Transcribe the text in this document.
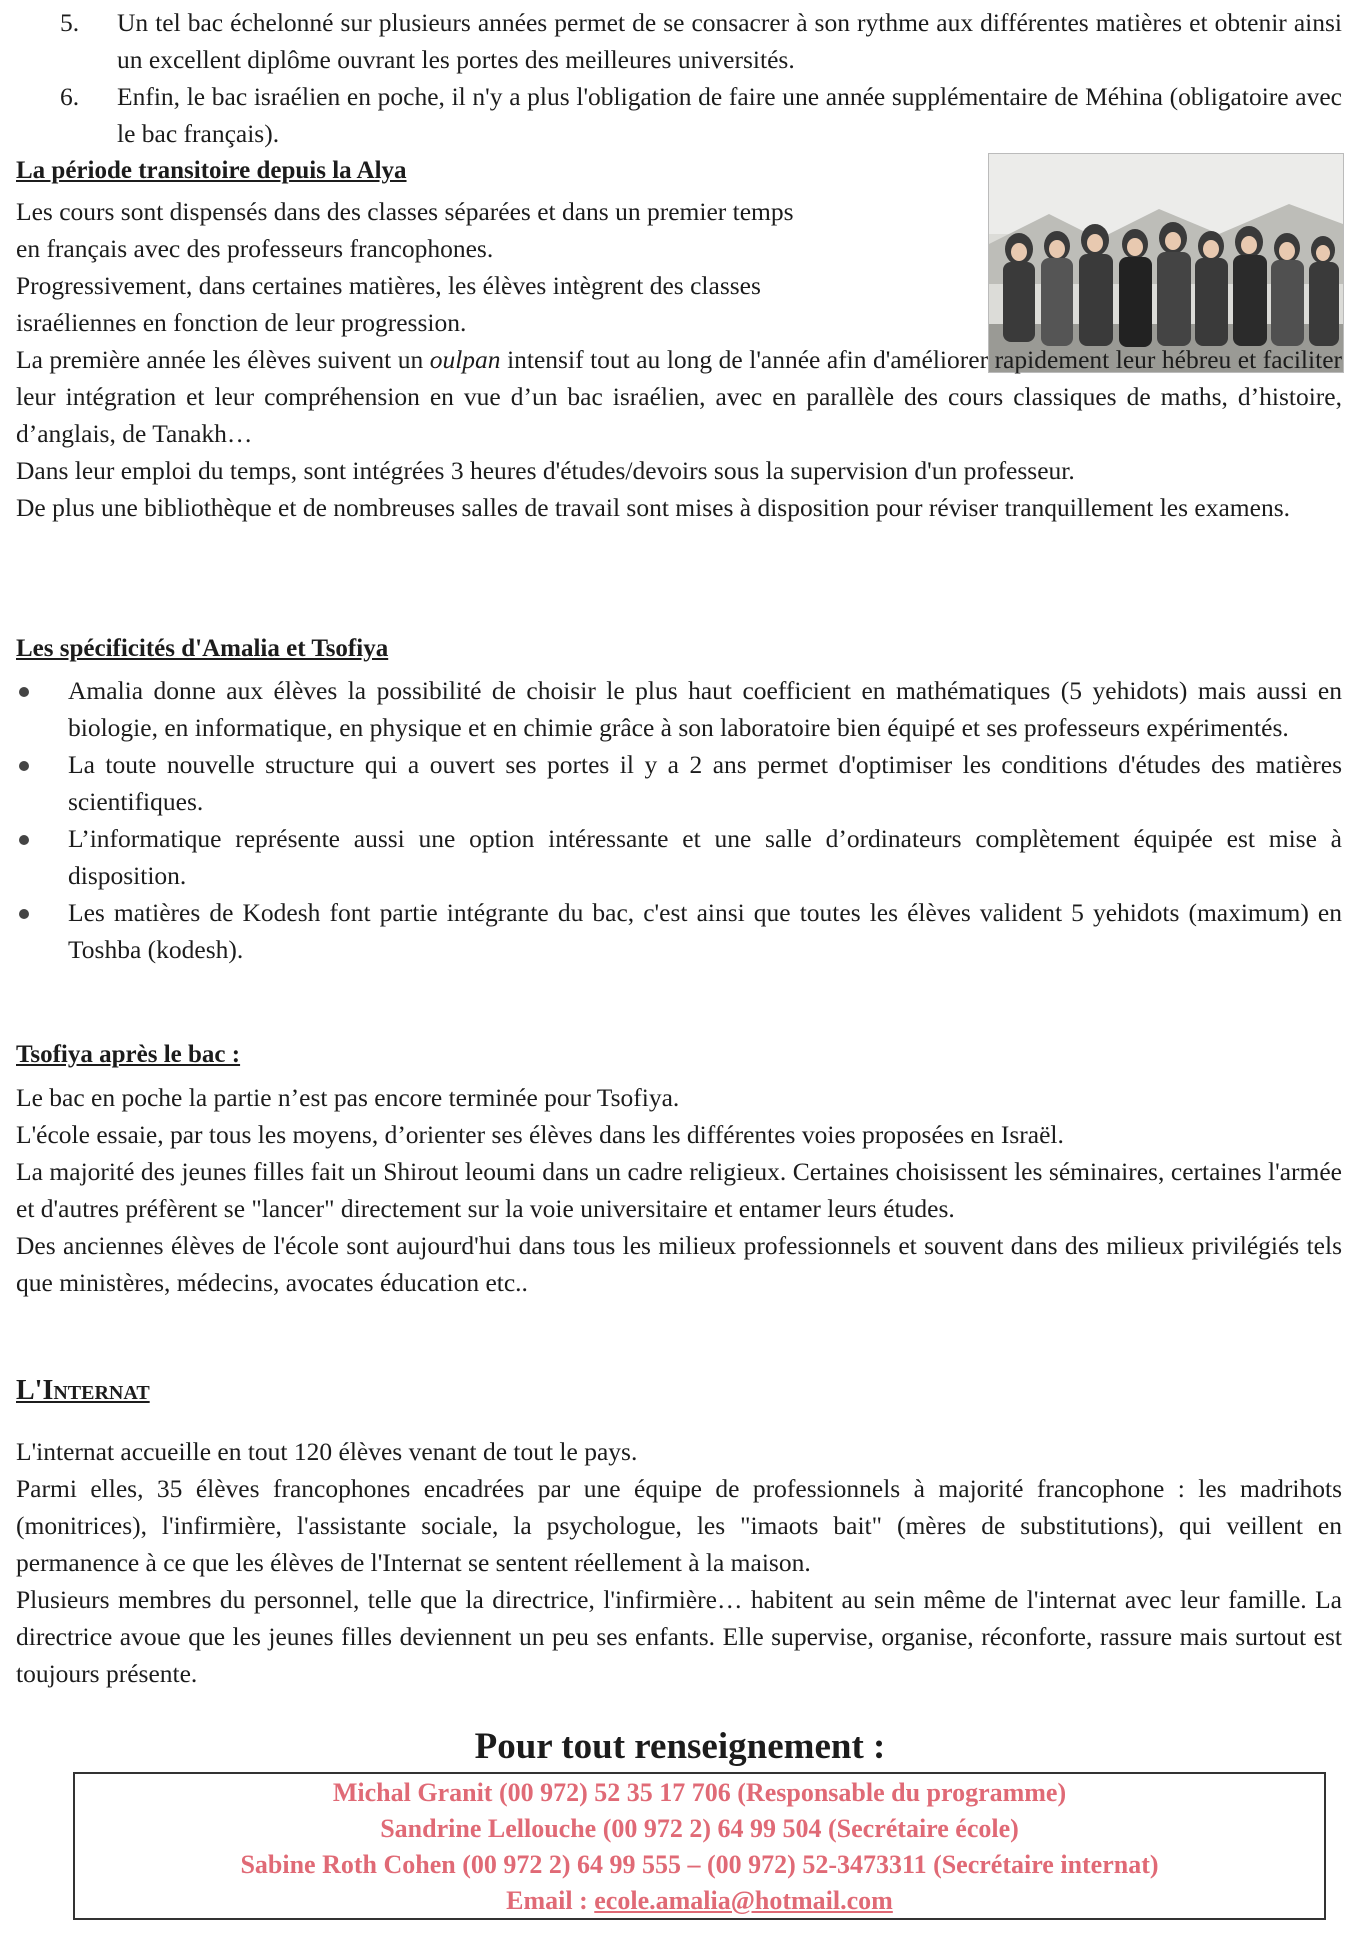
5. Un tel bac échelonné sur plusieurs années permet de se consacrer à son rythme aux différentes matières et obtenir ainsi un excellent diplôme ouvrant les portes des meilleures universités.
6. Enfin, le bac israélien en poche, il n'y a plus l'obligation de faire une année supplémentaire de Méhina (obligatoire avec le bac français).
La période transitoire depuis la Alya
Les cours sont dispensés dans des classes séparées et dans un premier temps
en français avec des professeurs francophones.
Progressivement, dans certaines matières, les élèves intègrent des classes
israéliennes en fonction de leur progression.

La première année les élèves suivent un oulpan intensif tout au long de l'année afin d'améliorer rapidement leur hébreu et faciliter leur intégration et leur compréhension en vue d’un bac israélien, avec en parallèle des cours classiques de maths, d’histoire, d’anglais, de Tanakh…

Dans leur emploi du temps, sont intégrées 3 heures d'études/devoirs sous la supervision d'un professeur.

De plus une bibliothèque et de nombreuses salles de travail sont mises à disposition pour réviser tranquillement les examens.

Les spécificités d'Amalia et Tsofiya
Amalia donne aux élèves la possibilité de choisir le plus haut coefficient en mathématiques (5 yehidots) mais aussi en biologie, en informatique, en physique et en chimie grâce à son laboratoire bien équipé et ses professeurs expérimentés.
La toute nouvelle structure qui a ouvert ses portes il y a 2 ans permet d'optimiser les conditions d'études des matières scientifiques.
L’informatique représente aussi une option intéressante et une salle d’ordinateurs complètement équipée est mise à disposition.
Les matières de Kodesh font partie intégrante du bac, c'est ainsi que toutes les élèves valident 5 yehidots (maximum) en Toshba (kodesh).
Tsofiya après le bac :

Le bac en poche la partie n’est pas encore terminée pour Tsofiya.

L'école essaie, par tous les moyens, d’orienter ses élèves dans les différentes voies proposées en Israël.

La majorité des jeunes filles fait un Shirout leoumi dans un cadre religieux. Certaines choisissent les séminaires, certaines l'armée et d'autres préfèrent se "lancer" directement sur la voie universitaire et entamer leurs études.

Des anciennes élèves de l'école sont aujourd'hui dans tous les milieux professionnels et souvent dans des milieux privilégiés tels que ministères, médecins, avocates éducation etc..

L'Internat

L'internat accueille en tout 120 élèves venant de tout le pays.

Parmi elles, 35 élèves francophones encadrées par une équipe de professionnels à majorité francophone : les madrihots (monitrices), l'infirmière, l'assistante sociale, la psychologue, les "imaots bait" (mères de substitutions), qui veillent en permanence à ce que les élèves de l'Internat se sentent réellement à la maison.

Plusieurs membres du personnel, telle que la directrice, l'infirmière… habitent au sein même de l'internat avec leur famille. La directrice avoue que les jeunes filles deviennent un peu ses enfants. Elle supervise, organise, réconforte, rassure mais surtout est toujours présente.

Pour tout renseignement :
Michal Granit (00 972) 52 35 17 706 (Responsable du programme)
Sandrine Lellouche (00 972 2) 64 99 504 (Secrétaire école)
Sabine Roth Cohen (00 972 2) 64 99 555 – (00 972) 52-3473311 (Secrétaire internat)
Email : ecole.amalia@hotmail.com
